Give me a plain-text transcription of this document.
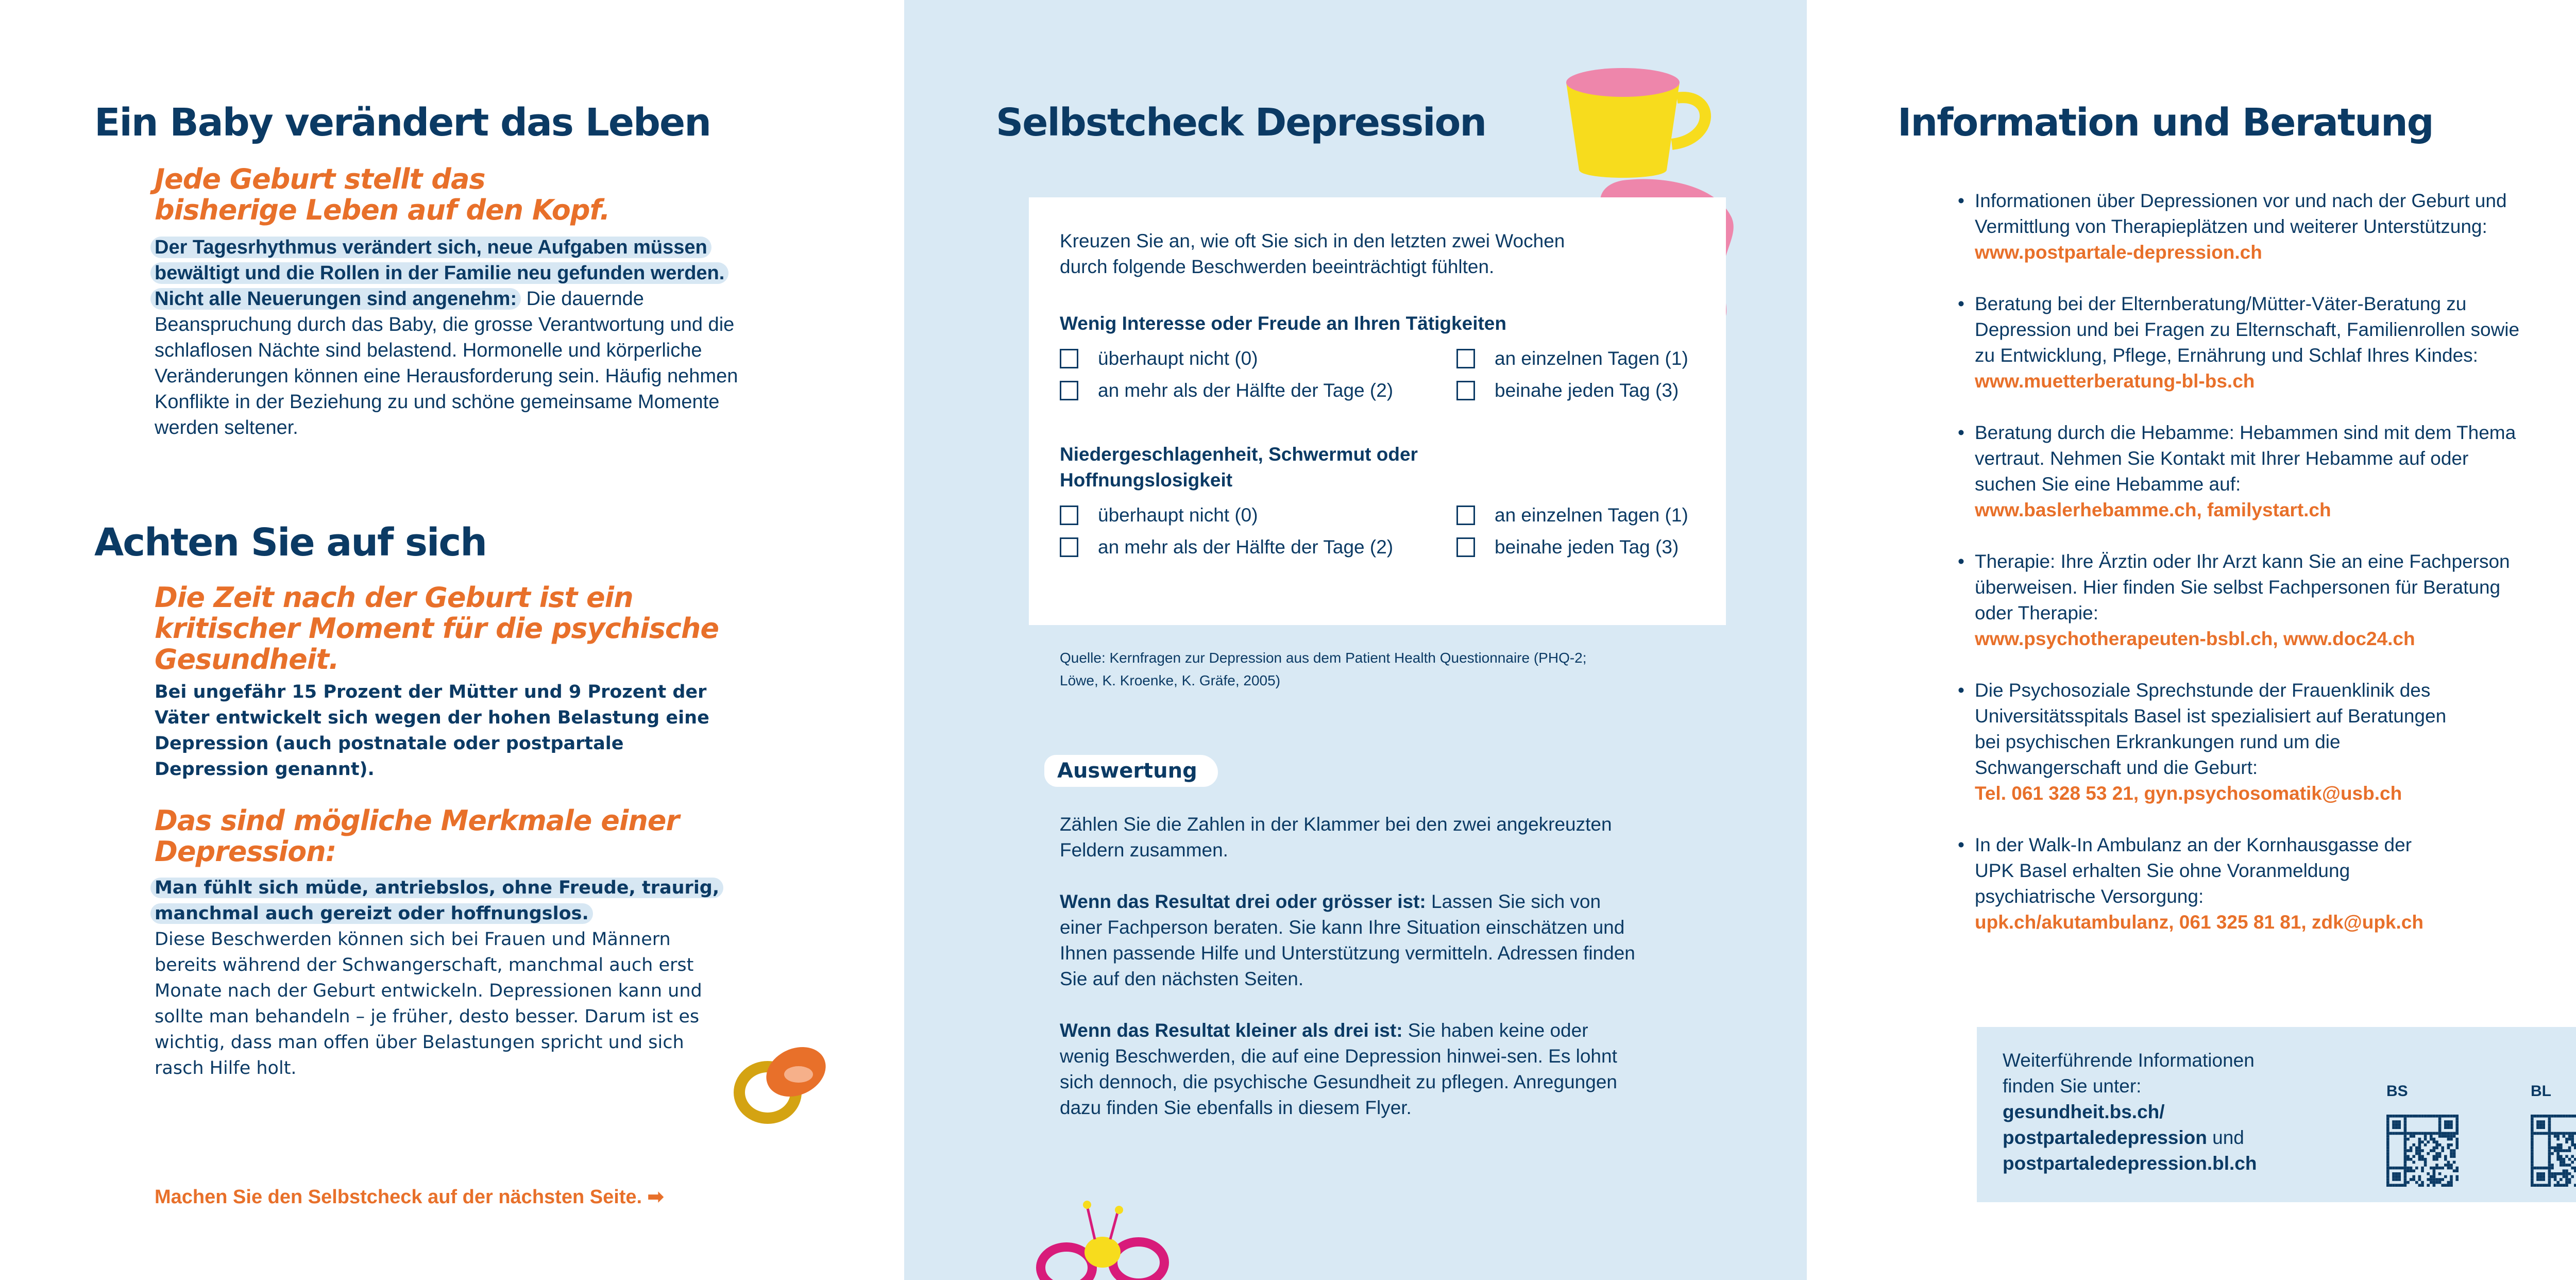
Ein Baby verändert das Leben
Jede Geburt stellt das bisherige Leben auf den Kopf.

Der Tagesrhythmus verändert sich, neue Aufgaben müssen bewältigt und die Rollen in der Familie neu gefunden werden. Nicht alle Neuerungen sind angenehm: Die dauernde Beanspruchung durch das Baby, die grosse Verantwortung und die schlaflosen Nächte sind belastend. Hormonelle und körperliche Veränderungen können eine Herausforderung sein. Häufig nehmen Konflikte in der Beziehung zu und schöne gemeinsame Momente werden seltener.

Achten Sie auf sich
Die Zeit nach der Geburt ist ein kritischer Moment für die psychische Gesundheit.

Bei ungefähr 15 Prozent der Mütter und 9 Prozent der Väter entwickelt sich wegen der hohen Belastung eine Depression (auch postnatale oder postpartale Depression genannt).

Das sind mögliche Merkmale einer Depression:

Man fühlt sich müde, antriebslos, ohne Freude, traurig, manchmal auch gereizt oder hoffnungslos.
Diese Beschwerden können sich bei Frauen und Männern bereits während der Schwangerschaft, manchmal auch erst Monate nach der Geburt entwickeln. Depressionen kann und sollte man behandeln – je früher, desto besser. Darum ist es wichtig, dass man offen über Belastungen spricht und sich rasch Hilfe holt.

Machen Sie den Selbstcheck auf der nächsten Seite. ➡
Selbstcheck Depression

Kreuzen Sie an, wie oft Sie sich in den letzten zwei Wochen durch folgende Beschwerden beeinträchtigt fühlten.

Wenig Interesse oder Freude an Ihren Tätigkeiten

überhaupt nicht (0)	an einzelnen Tagen (1)
an mehr als der Hälfte der Tage (2)	beinahe jeden Tag (3)

Niedergeschlagenheit, Schwermut oder Hoffnungslosigkeit

überhaupt nicht (0)	an einzelnen Tagen (1)
an mehr als der Hälfte der Tage (2)	beinahe jeden Tag (3)

Quelle: Kernfragen zur Depression aus dem Patient Health Questionnaire (PHQ-2; Löwe, K. Kroenke, K. Gräfe, 2005)

Auswertung

Zählen Sie die Zahlen in der Klammer bei den zwei angekreuzten Feldern zusammen.

Wenn das Resultat drei oder grösser ist: Lassen Sie sich von einer Fachperson beraten. Sie kann Ihre Situation einschätzen und Ihnen passende Hilfe und Unterstützung vermitteln. Adressen finden Sie auf den nächsten Seiten.

Wenn das Resultat kleiner als drei ist: Sie haben keine oder wenig Beschwerden, die auf eine Depression hinwei-sen. Es lohnt sich dennoch, die psychische Gesundheit zu pflegen. Anregungen dazu finden Sie ebenfalls in diesem Flyer.

Information und Beratung
• Informationen über Depressionen vor und nach der Geburt und Vermittlung von Therapieplätzen und weiterer Unterstützung:
www.postpartale-depression.ch
• Beratung bei der Elternberatung/Mütter-Väter-Beratung zu Depression und bei Fragen zu Elternschaft, Familienrollen sowie zu Entwicklung, Pflege, Ernährung und Schlaf Ihres Kindes:
www.muetterberatung-bl-bs.ch
• Beratung durch die Hebamme: Hebammen sind mit dem Thema vertraut. Nehmen Sie Kontakt mit Ihrer Hebamme auf oder suchen Sie eine Hebamme auf:
www.baslerhebamme.ch, familystart.ch
• Therapie: Ihre Ärztin oder Ihr Arzt kann Sie an eine Fachperson überweisen. Hier finden Sie selbst Fachpersonen für Beratung oder Therapie:
www.psychotherapeuten-bsbl.ch, www.doc24.ch
• Die Psychosoziale Sprechstunde der Frauenklinik des Universitätsspitals Basel ist spezialisiert auf Beratungen bei psychischen Erkrankungen rund um die Schwangerschaft und die Geburt:
Tel. 061 328 53 21, gyn.psychosomatik@usb.ch
• In der Walk-In Ambulanz an der Kornhausgasse der UPK Basel erhalten Sie ohne Voranmeldung psychiatrische Versorgung:
upk.ch/akutambulanz, 061 325 81 81, zdk@upk.ch

Weiterführende Informationen finden Sie unter:
gesundheit.bs.ch/ postpartaledepression und
postpartaledepression.bl.ch

BS	BL
